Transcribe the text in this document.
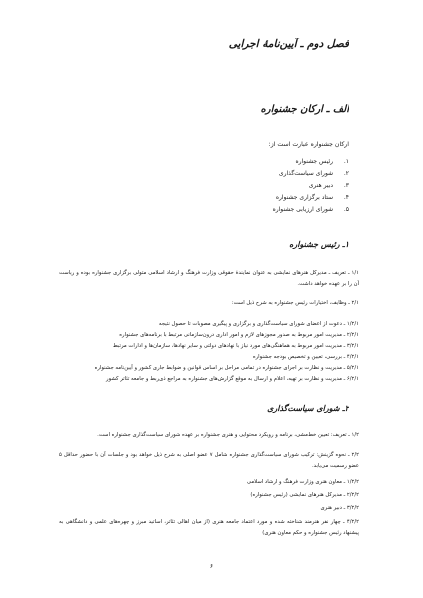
فصل دوم ـ آیین‌نامهٔ اجرایی
الف ـ ارکان جشنواره
ارکان جشنواره عبارت است از:
۱. رئیس جشنواره
۲. شورای سیاست‌گذاری
۳. دبیر هنری
۴. ستاد برگزاری جشنواره
۵. شورای ارزیابی جشنواره
۱ـ رئیس جشنواره
۱/۱ ـ تعریف ـ مدیرکل هنرهای نمایشی به عنوان نمایندهٔ حقوقی وزارت فرهنگ و ارشاد اسلامی متولی برگزاری جشنواره بوده و ریاست آن را بر عهده خواهد داشت.
۲/۱ ـ وظایف، اختیارات رئیس جشنواره به شرح ذیل است:
۱/۲/۱ ـ دعوت از اعضای شورای سیاست‌گذاری و برگزاری و پیگیری مصوبات تا حصول نتیجه
۲/۲/۱ ـ مدیریت امور مربوط به صدور مجوزهای لازم و امور اداری درون‌سازمانی مرتبط با برنامه‌های جشنواره
۳/۲/۱ ـ مدیریت امور مربوط به هماهنگی‌های مورد نیاز با نهادهای دولتی و سایر نهادها، سازمان‌ها و ادارات مرتبط
۴/۲/۱ ـ بررسی، تعیین و تخصیص بودجه جشنواره
۵/۲/۱ ـ مدیریت و نظارت بر اجرای جشنواره در تمامی مراحل بر اساس قوانین و ضوابط جاری کشور و آیین‌نامه جشنواره
۶/۲/۱ ـ مدیریت و نظارت بر تهیه، اعلام و ارسال به موقع گزارش‌های جشنواره به مراجع ذی‌ربط و جامعه تئاتر کشور
۲ـ شورای سیاست‌گذاری
۱/۲ ـ تعریف: تعیین خط‌مشی، برنامه و رویکرد محتوایی و هنری جشنواره بر عهده شورای سیاست‌گذاری جشنواره است.
۲/۲ ـ نحوه گزینش: ترکیب شورای سیاست‌گذاری جشنواره شامل ۷ عضو اصلی به شرح ذیل خواهد بود و جلسات آن با حضور حداقل ۵ عضو رسمیت می‌یابد.
۱/۲/۲ ـ معاون هنری وزارت فرهنگ و ارشاد اسلامی
۲/۲/۲ ـ مدیرکل هنرهای نمایشی (رئیس جشنواره)
۳/۲/۲ ـ دبیر هنری
۴/۲/۲ ـ چهار نفر هنرمند شناخته شده و مورد اعتماد جامعه هنری (از میان اهالی تئاتر، اساتید مبرز و چهره‌های علمی و دانشگاهی به پیشنهاد رئیس جشنواره و حکم معاون هنری)
۶
